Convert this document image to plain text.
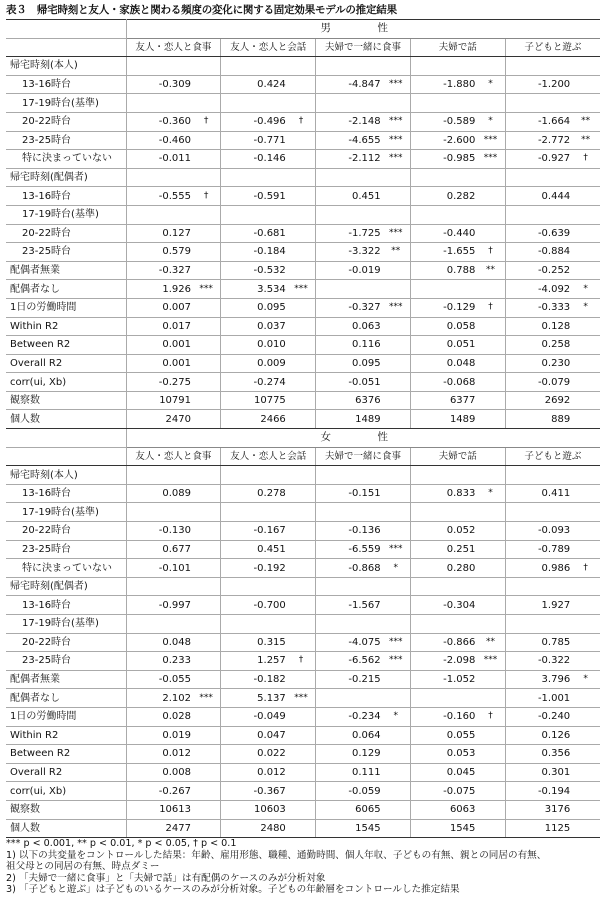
表３　帰宅時刻と友人・家族と関わる頻度の変化に関する固定効果モデルの推定結果
	男　性									
	友人・恋人と食事		友人・恋人と会話		夫婦で一緒に食事		夫婦で話		子どもと遊ぶ	
帰宅時刻(本人)										
13-16時台	-0.309		0.424		-4.847	***	-1.880	*	-1.200	
17-19時台(基準)										
20-22時台	-0.360	†	-0.496	†	-2.148	***	-0.589	*	-1.664	**
23-25時台	-0.460		-0.771		-4.655	***	-2.600	***	-2.772	**
特に決まっていない	-0.011		-0.146		-2.112	***	-0.985	***	-0.927	†
帰宅時刻(配偶者)										
13-16時台	-0.555	†	-0.591		0.451		0.282		0.444	
17-19時台(基準)										
20-22時台	0.127		-0.681		-1.725	***	-0.440		-0.639	
23-25時台	0.579		-0.184		-3.322	**	-1.655	†	-0.884	
配偶者無業	-0.327		-0.532		-0.019		0.788	**	-0.252	
配偶者なし	1.926	***	3.534	***					-4.092	*
1日の労働時間	0.007		0.095		-0.327	***	-0.129	†	-0.333	*
Within R2	0.017		0.037		0.063		0.058		0.128	
Between R2	0.001		0.010		0.116		0.051		0.258	
Overall R2	0.001		0.009		0.095		0.048		0.230	
corr(ui, Xb)	-0.275		-0.274		-0.051		-0.068		-0.079	
観察数	10791		10775		6376		6377		2692	
個人数	2470		2466		1489		1489		889	
	女　性									
	友人・恋人と食事		友人・恋人と会話		夫婦で一緒に食事		夫婦で話		子どもと遊ぶ	
帰宅時刻(本人)										
13-16時台	0.089		0.278		-0.151		0.833	*	0.411	
17-19時台(基準)										
20-22時台	-0.130		-0.167		-0.136		0.052		-0.093	
23-25時台	0.677		0.451		-6.559	***	0.251		-0.789	
特に決まっていない	-0.101		-0.192		-0.868	*	0.280		0.986	†
帰宅時刻(配偶者)										
13-16時台	-0.997		-0.700		-1.567		-0.304		1.927	
17-19時台(基準)										
20-22時台	0.048		0.315		-4.075	***	-0.866	**	0.785	
23-25時台	0.233		1.257	†	-6.562	***	-2.098	***	-0.322	
配偶者無業	-0.055		-0.182		-0.215		-1.052		3.796	*
配偶者なし	2.102	***	5.137	***					-1.001	
1日の労働時間	0.028		-0.049		-0.234	*	-0.160	†	-0.240	
Within R2	0.019		0.047		0.064		0.055		0.126	
Between R2	0.012		0.022		0.129		0.053		0.356	
Overall R2	0.008		0.012		0.111		0.045		0.301	
corr(ui, Xb)	-0.267		-0.367		-0.059		-0.075		-0.194	
観察数	10613		10603		6065		6063		3176	
個人数	2477		2480		1545		1545		1125	
*** p < 0.001, ** p < 0.01, * p < 0.05, † p < 0.1
1) 以下の共変量をコントロールした結果：年齢、雇用形態、職種、通勤時間、個人年収、子どもの有無、親との同居の有無、
祖父母との同居の有無、時点ダミー
2) 「夫婦で一緒に食事」と「夫婦で話」は有配偶のケースのみが分析対象
3) 「子どもと遊ぶ」は子どものいるケースのみが分析対象。子どもの年齢層をコントロールした推定結果
